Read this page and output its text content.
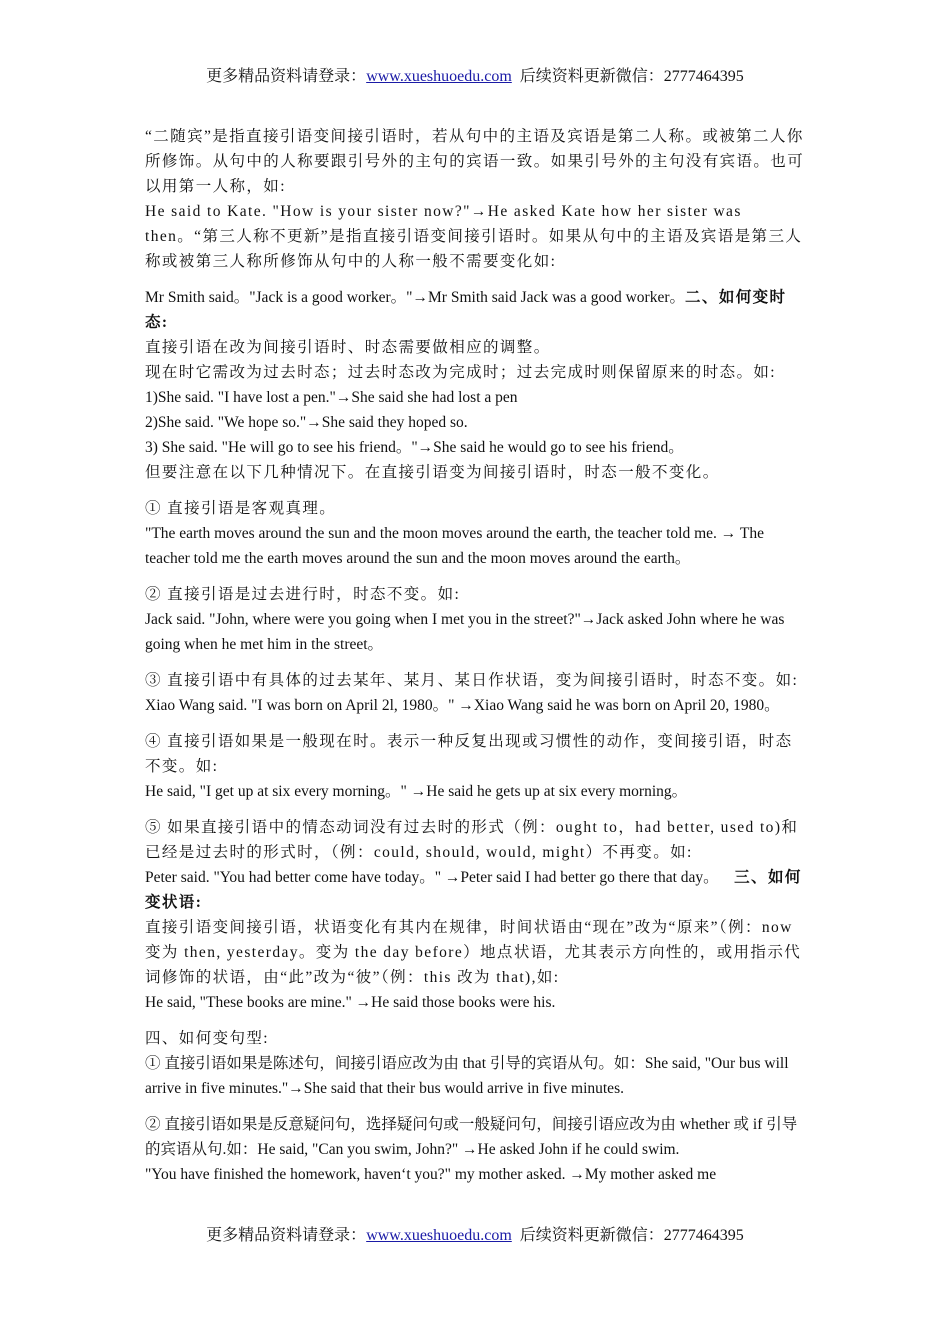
更多精品资料请登录：www.xueshuoedu.com 后续资料更新微信：2777464395

“二随宾”是指直接引语变间接引语时，若从句中的主语及宾语是第二人称。或被第二人你所修饰。从句中的人称要跟引号外的主句的宾语一致。如果引号外的主句没有宾语。也可以用第一人称，如:

He said to Kate. "How is your sister now?"→He asked Kate how her sister was then。“第三人称不更新”是指直接引语变间接引语时。如果从句中的主语及宾语是第三人称或被第三人称所修饰从句中的人称一般不需要变化如:

Mr Smith said。"Jack is a good worker。"→Mr Smith said Jack was a good worker。二、如何变时态:

直接引语在改为间接引语时、时态需要做相应的调整。

现在时它需改为过去时态；过去时态改为完成时；过去完成时则保留原来的时态。如:

1)She said. "I have lost a pen."→She said she had lost a pen

2)She said. "We hope so."→She said they hoped so.

3) She said. "He will go to see his friend。"→She said he would go to see his friend。

但要注意在以下几种情况下。在直接引语变为间接引语时，时态一般不变化。

① 直接引语是客观真理。

"The earth moves around the sun and the moon moves around the earth, the teacher told me. → The teacher told me the earth moves around the sun and the moon moves around the earth。

② 直接引语是过去进行时，时态不变。如:

Jack said. "John, where were you going when I met you in the street?"→Jack asked John where he was going when he met him in the street。

③ 直接引语中有具体的过去某年、某月、某日作状语，变为间接引语时，时态不变。如:

Xiao Wang said. "I was born on April 2l, 1980。" →Xiao Wang said he was born on April 20, 1980。

④ 直接引语如果是一般现在时。表示一种反复出现或习惯性的动作，变间接引语，时态不变。如:

He said, "I get up at six every morning。" →He said he gets up at six every morning。

⑤ 如果直接引语中的情态动词没有过去时的形式（例：ought to，had better, used to)和已经是过去时的形式时，（例：could, should, would, might）不再变。如:

Peter said. "You had better come have today。" →Peter said I had better go there that day。 三、如何变状语:

直接引语变间接引语，状语变化有其内在规律，时间状语由“现在”改为“原来”（例：now 变为 then, yesterday。变为 the day before）地点状语，尤其表示方向性的，或用指示代词修饰的状语，由“此”改为“彼”（例：this 改为 that),如:

He said, "These books are mine." →He said those books were his.

四、如何变句型:

① 直接引语如果是陈述句，间接引语应改为由 that 引导的宾语从句。如：She said, "Our bus will arrive in five minutes."→She said that their bus would arrive in five minutes.

② 直接引语如果是反意疑问句，选择疑问句或一般疑问句，间接引语应改为由 whether 或 if 引导的宾语从句.如：He said, "Can you swim, John?" →He asked John if he could swim.

"You have finished the homework, haven‘t you?" my mother asked. →My mother asked me

更多精品资料请登录：www.xueshuoedu.com 后续资料更新微信：2777464395
